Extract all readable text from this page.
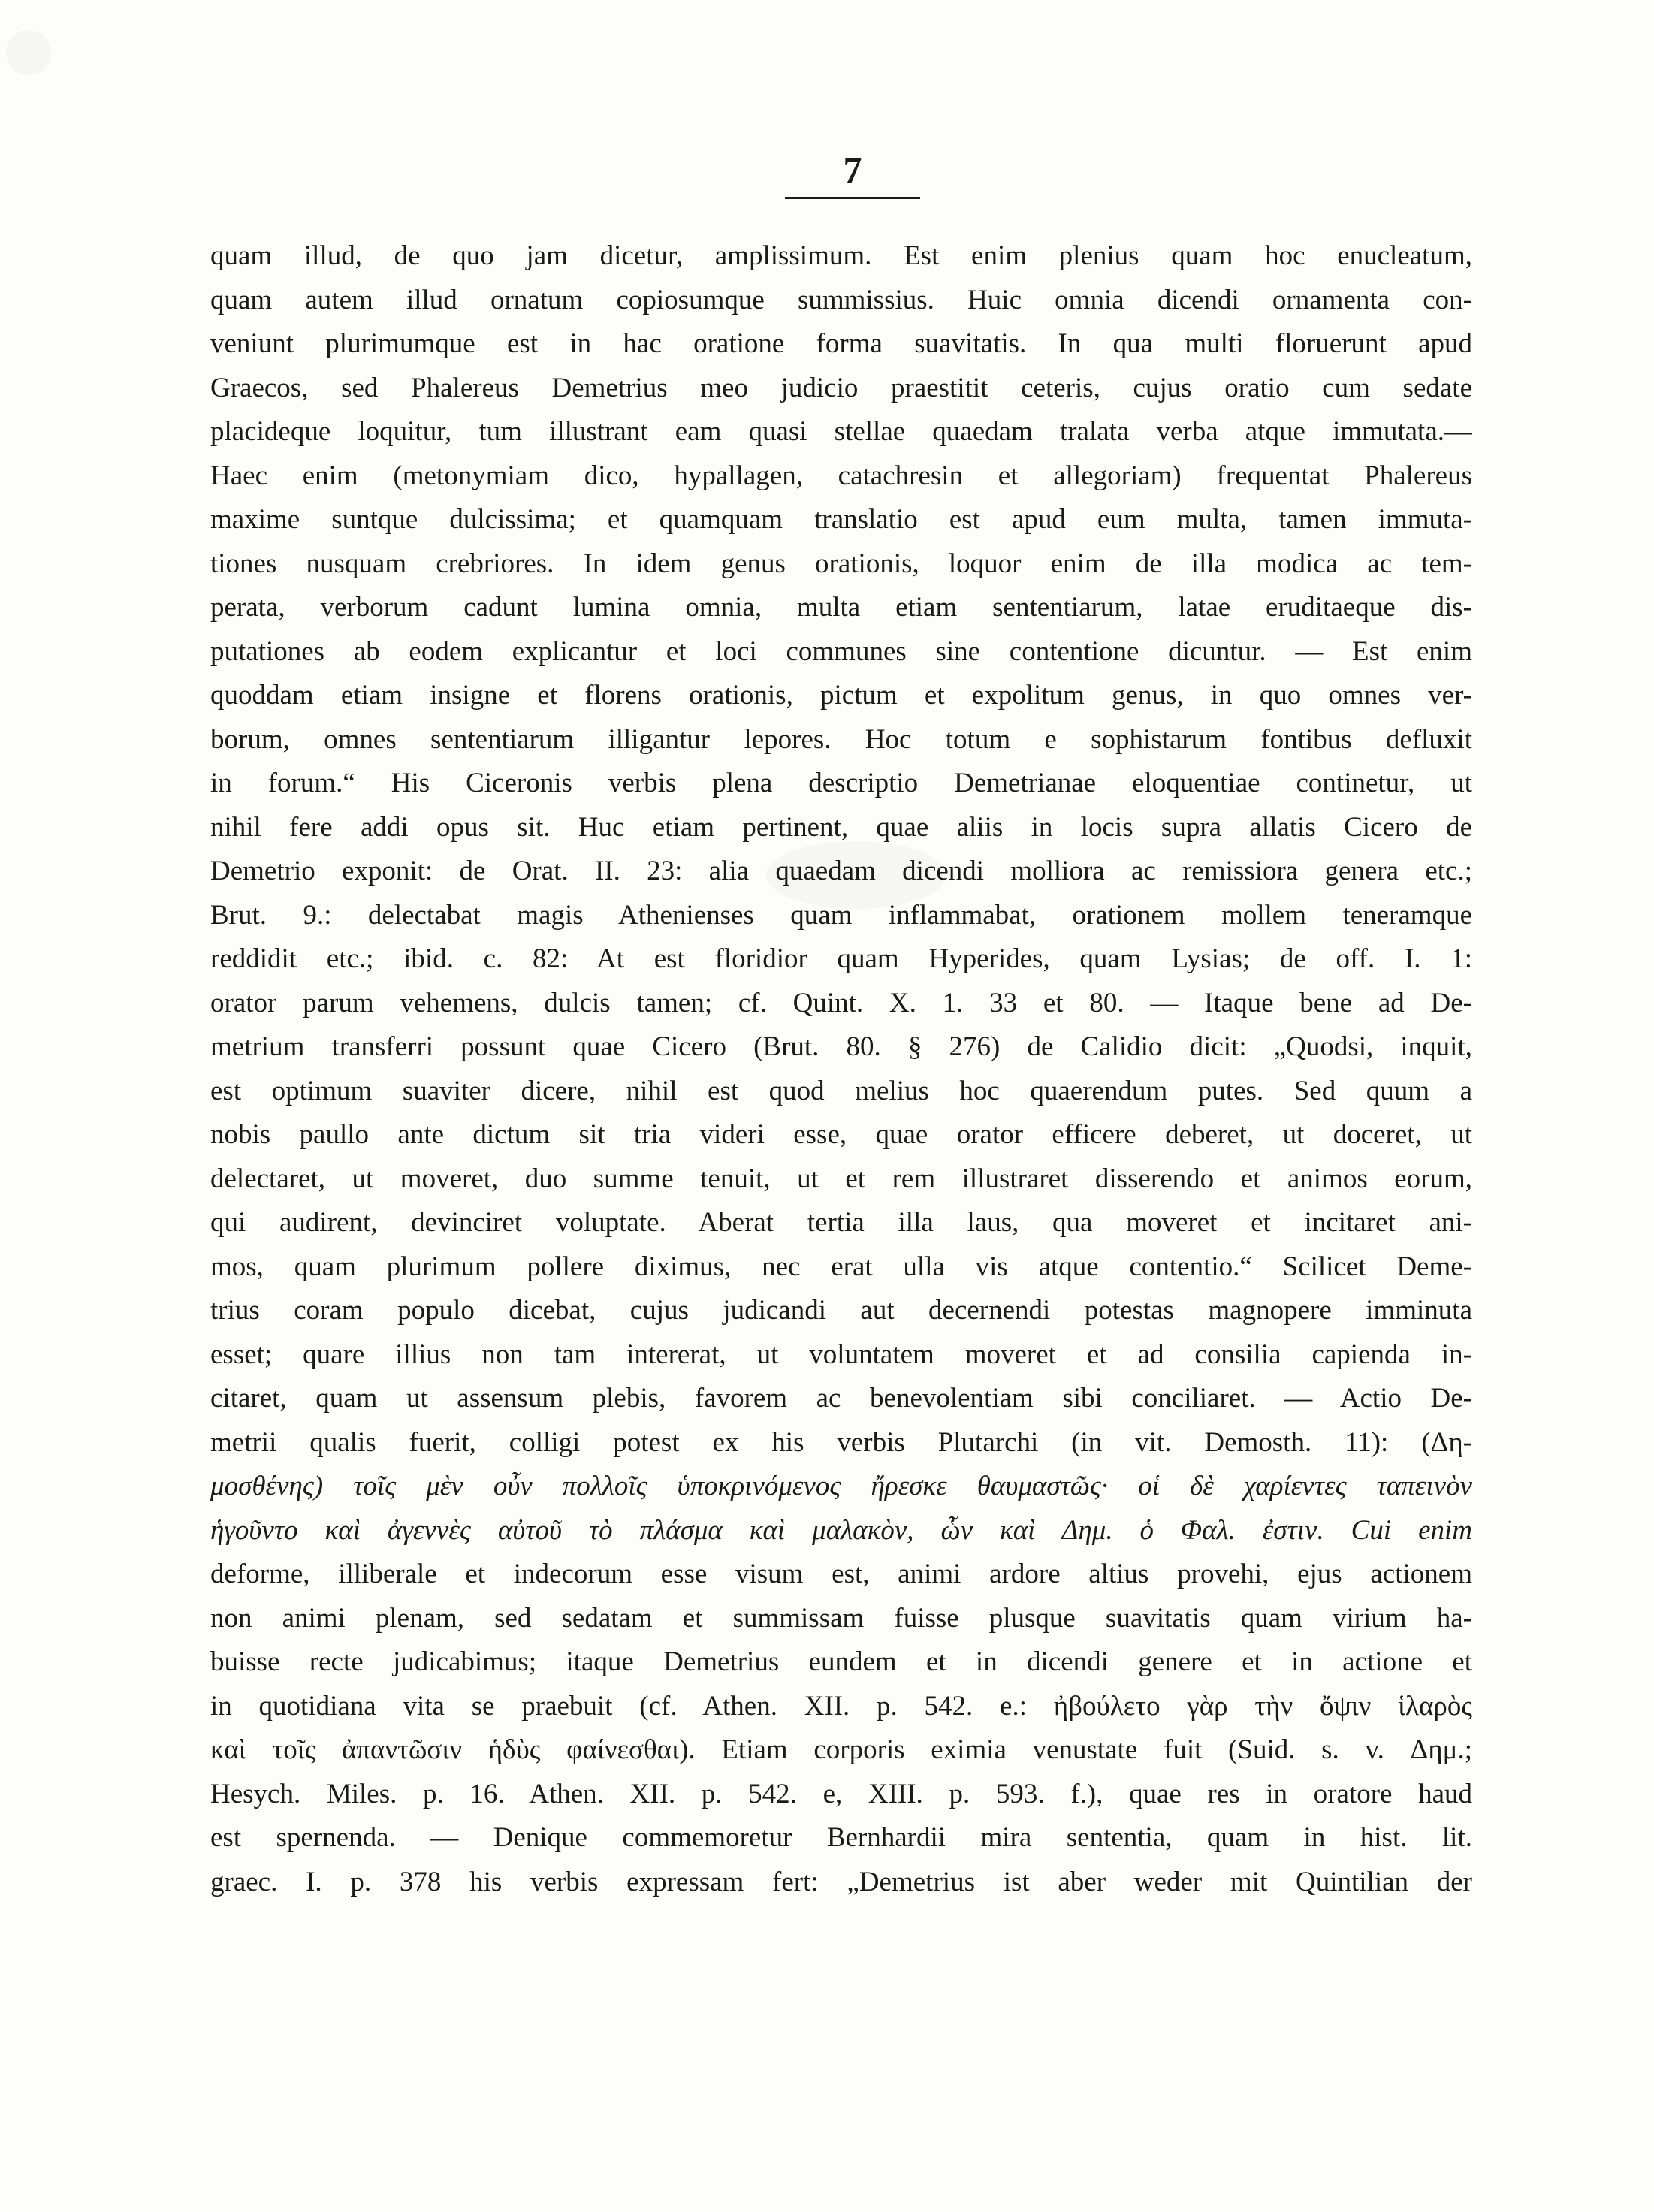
7
quam illud, de quo jam dicetur, amplissimum. Est enim plenius quam hoc enucleatum,
quam autem illud ornatum copiosumque summissius. Huic omnia dicendi ornamenta con-
veniunt plurimumque est in hac oratione forma suavitatis. In qua multi floruerunt apud
Graecos, sed Phalereus Demetrius meo judicio praestitit ceteris, cujus oratio cum sedate
placideque loquitur, tum illustrant eam quasi stellae quaedam tralata verba atque immutata.—
Haec enim (metonymiam dico, hypallagen, catachresin et allegoriam) frequentat Phalereus
maxime suntque dulcissima; et quamquam translatio est apud eum multa, tamen immuta-
tiones nusquam crebriores. In idem genus orationis, loquor enim de illa modica ac tem-
perata, verborum cadunt lumina omnia, multa etiam sententiarum, latae eruditaeque dis-
putationes ab eodem explicantur et loci communes sine contentione dicuntur. — Est enim
quoddam etiam insigne et florens orationis, pictum et expolitum genus, in quo omnes ver-
borum, omnes sententiarum illigantur lepores. Hoc totum e sophistarum fontibus defluxit
in forum.“ His Ciceronis verbis plena descriptio Demetrianae eloquentiae continetur, ut
nihil fere addi opus sit. Huc etiam pertinent, quae aliis in locis supra allatis Cicero de
Demetrio exponit: de Orat. II. 23: alia quaedam dicendi molliora ac remissiora genera etc.;
Brut. 9.: delectabat magis Athenienses quam inflammabat, orationem mollem teneramque
reddidit etc.; ibid. c. 82: At est floridior quam Hyperides, quam Lysias; de off. I. 1:
orator parum vehemens, dulcis tamen; cf. Quint. X. 1. 33 et 80. — Itaque bene ad De-
metrium transferri possunt quae Cicero (Brut. 80. § 276) de Calidio dicit: „Quodsi, inquit,
est optimum suaviter dicere, nihil est quod melius hoc quaerendum putes. Sed quum a
nobis paullo ante dictum sit tria videri esse, quae orator efficere deberet, ut doceret, ut
delectaret, ut moveret, duo summe tenuit, ut et rem illustraret disserendo et animos eorum,
qui audirent, devinciret voluptate. Aberat tertia illa laus, qua moveret et incitaret ani-
mos, quam plurimum pollere diximus, nec erat ulla vis atque contentio.“ Scilicet Deme-
trius coram populo dicebat, cujus judicandi aut decernendi potestas magnopere imminuta
esset; quare illius non tam intererat, ut voluntatem moveret et ad consilia capienda in-
citaret, quam ut assensum plebis, favorem ac benevolentiam sibi conciliaret. — Actio De-
metrii qualis fuerit, colligi potest ex his verbis Plutarchi (in vit. Demosth. 11): (Δη-
μοσθένης) τοῖς μὲν οὖν πολλοῖς ὑποκρινόμενος ἤρεσκε θαυμαστῶς· οἱ δὲ χαρίεντες ταπεινὸν
ἡγοῦντο καὶ ἀγεννὲς αὐτοῦ τὸ πλάσμα καὶ μαλακὸν, ὧν καὶ Δημ. ὁ Φαλ. ἐστιν. Cui enim
deforme, illiberale et indecorum esse visum est, animi ardore altius provehi, ejus actionem
non animi plenam, sed sedatam et summissam fuisse plusque suavitatis quam virium ha-
buisse recte judicabimus; itaque Demetrius eundem et in dicendi genere et in actione et
in quotidiana vita se praebuit (cf. Athen. XII. p. 542. e.: ἠβούλετο γὰρ τὴν ὄψιν ἱλαρὸς
καὶ τοῖς ἀπαντῶσιν ἡδὺς φαίνεσθαι). Etiam corporis eximia venustate fuit (Suid. s. v. Δημ.;
Hesych. Miles. p. 16. Athen. XII. p. 542. e, XIII. p. 593. f.), quae res in oratore haud
est spernenda. — Denique commemoretur Bernhardii mira sententia, quam in hist. lit.
graec. I. p. 378 his verbis expressam fert: „Demetrius ist aber weder mit Quintilian der
